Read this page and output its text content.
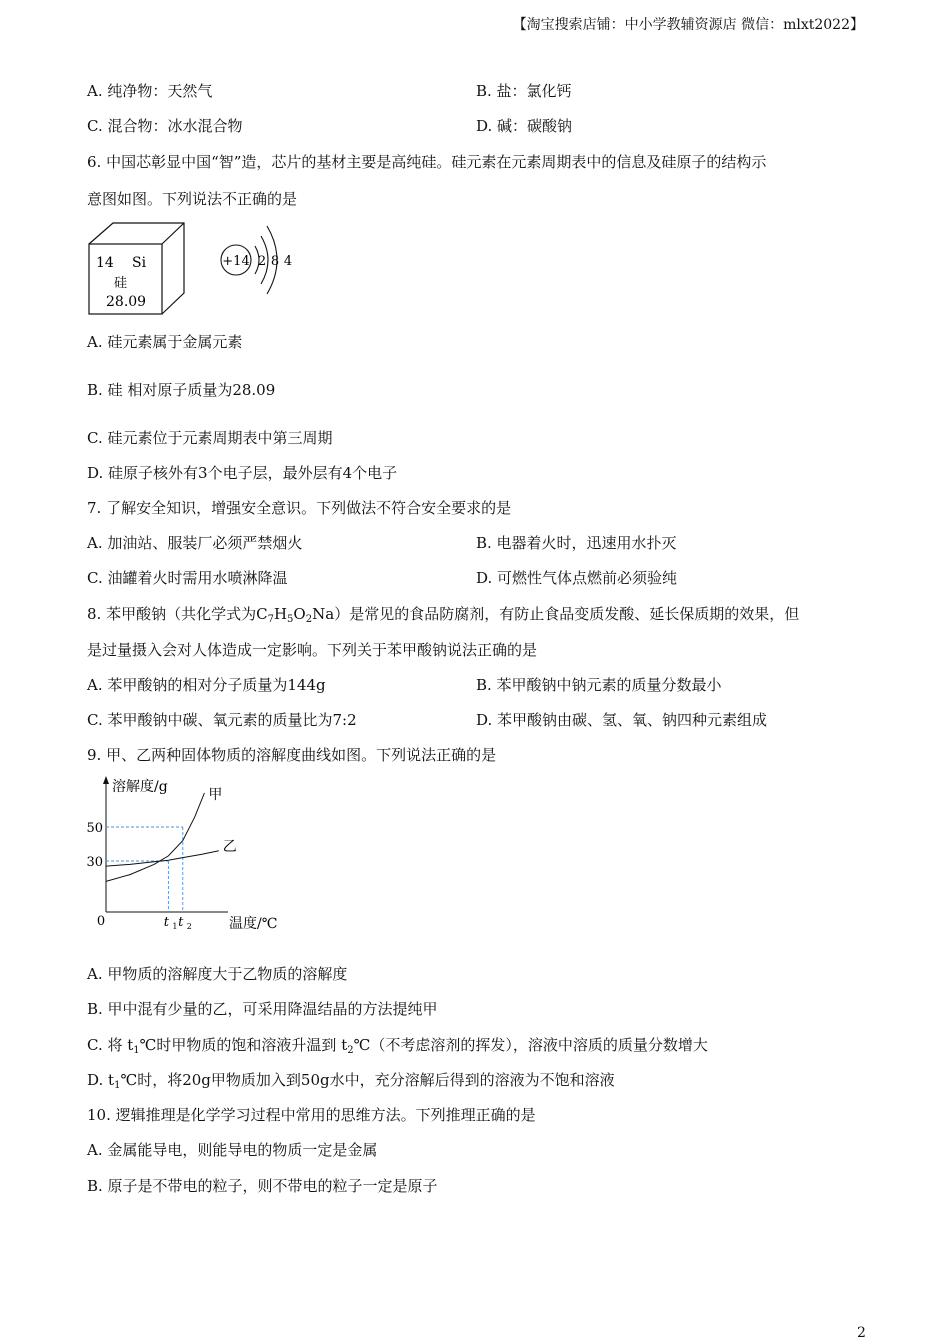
【淘宝搜索店铺：中小学教辅资源店 微信：mlxt2022】
A. 纯净物：天然气	B. 盐：氯化钙
C. 混合物：冰水混合物	D. 碱：碳酸钠
6. 中国芯彰显中国“智”造，芯片的基材主要是高纯硅。硅元素在元素周期表中的信息及硅原子的结构示
意图如图。下列说法不正确的是
14 Si
硅
28.09
+14 2 8 4
A. 硅元素属于金属元素
B. 硅 相对原子质量为28.09
C. 硅元素位于元素周期表中第三周期
D. 硅原子核外有3个电子层，最外层有4个电子
7. 了解安全知识，增强安全意识。下列做法不符合安全要求的是
A. 加油站、服装厂必须严禁烟火	B. 电器着火时，迅速用水扑灭
C. 油罐着火时需用水喷淋降温	D. 可燃性气体点燃前必须验纯
8. 苯甲酸钠（共化学式为$C_7H_5O_2Na$）是常见的食品防腐剂，有防止食品变质发酸、延长保质期的效果，但
是过量摄入会对人体造成一定影响。下列关于苯甲酸钠说法正确的是
A. 苯甲酸钠的相对分子质量为144g	B. 苯甲酸钠中钠元素的质量分数最小
C. 苯甲酸钠中碳、氧元素的质量比为7:2	D. 苯甲酸钠由碳、氢、氧、钠四种元素组成
9. 甲、乙两种固体物质的溶解度曲线如图。下列说法正确的是
溶解度/g
温度/℃
0
30
50
t 1 t 2
甲
乙
A. 甲物质的溶解度大于乙物质的溶解度
B. 甲中混有少量的乙，可采用降温结晶的方法提纯甲
C. 将 $t_1℃$时甲物质的饱和溶液升温到 $t_2℃$（不考虑溶剂的挥发），溶液中溶质的质量分数增大
D. $t_1℃$时，将20g甲物质加入到50g水中，充分溶解后得到的溶液为不饱和溶液
10. 逻辑推理是化学学习过程中常用的思维方法。下列推理正确的是
A. 金属能导电，则能导电的物质一定是金属
B. 原子是不带电的粒子，则不带电的粒子一定是原子
2
